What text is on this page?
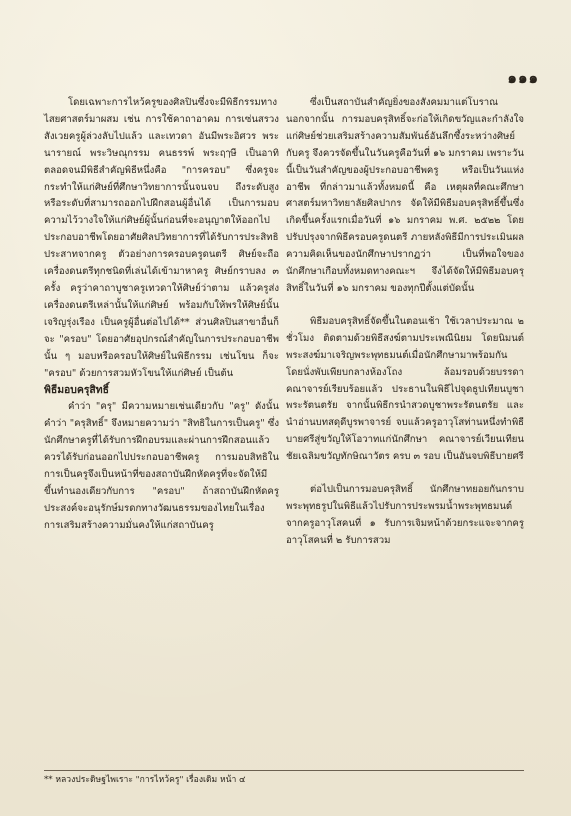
๑๑๑

โดยเฉพาะการไหว้ครูของศิลปินซึ่งจะมีพิธีกรรมทางไสยศาสตร์มาผสม เช่น การใช้คาถาอาคม การเซ่นสรวงสังเวยครูผู้ล่วงลับไปแล้ว และเทวดา อันมีพระอิศวร พระนารายณ์ พระวิษณุกรรม คนธรรพ์ พระฤๅษี เป็นอาทิ ตลอดจนมีพิธีสำคัญพิธีหนึ่งคือ "การครอบ" ซึ่งครูจะกระทำให้แก่ศิษย์ที่ศึกษาวิทยาการนั้นจนจบ ถึงระดับสูงหรือระดับที่สามารถออกไปฝึกสอนผู้อื่นได้ เป็นการมอบความไว้วางใจให้แก่ศิษย์ผู้นั้นก่อนที่จะอนุญาตให้ออกไปประกอบอาชีพโดยอาศัยศิลปวิทยาการที่ได้รับการประสิทธิประสาทจากครู ตัวอย่างการครอบครูดนตรี ศิษย์จะถือเครื่องดนตรีทุกชนิดที่เล่นได้เข้ามาหาครู ศิษย์กราบลง ๓ ครั้ง ครูว่าคาถาบูชาครูเทวดาให้ศิษย์ว่าตาม แล้วครูส่งเครื่องดนตรีเหล่านั้นให้แก่ศิษย์ พร้อมกับให้พรให้ศิษย์นั้นเจริญรุ่งเรือง เป็นครูผู้อื่นต่อไปได้** ส่วนศิลปินสาขาอื่นก็จะ "ครอบ" โดยอาศัยอุปกรณ์สำคัญในการประกอบอาชีพนั้น ๆ มอบหรือครอบให้ศิษย์ในพิธีกรรม เช่นโขน ก็จะ "ครอบ" ด้วยการสวมหัวโขนให้แก่ศิษย์ เป็นต้น

พิธีมอบครุสิทธิ์

คำว่า "ครุ" มีความหมายเช่นเดียวกับ "ครู" ดังนั้น คำว่า "ครุสิทธิ์" จึงหมายความว่า "สิทธิในการเป็นครู" ซึ่งนักศึกษาครูที่ได้รับการฝึกอบรมและผ่านการฝึกสอนแล้ว ควรได้รับก่อนออกไปประกอบอาชีพครู การมอบสิทธิในการเป็นครูจึงเป็นหน้าที่ของสถาบันฝึกหัดครูที่จะจัดให้มีขึ้นทำนองเดียวกับการ "ครอบ" ถ้าสถาบันฝึกหัดครูประสงค์จะอนุรักษ์มรดกทางวัฒนธรรมของไทยในเรื่องการเสริมสร้างความมั่นคงให้แก่สถาบันครู

ซึ่งเป็นสถาบันสำคัญยิ่งของสังคมมาแต่โบราณนอกจากนั้น การมอบครุสิทธิ์จะก่อให้เกิดขวัญและกำลังใจแก่ศิษย์ช่วยเสริมสร้างความสัมพันธ์อันลึกซึ้งระหว่างศิษย์กับครู จึงควรจัดขึ้นในวันครูคือวันที่ ๑๖ มกราคม เพราะวันนี้เป็นวันสำคัญของผู้ประกอบอาชีพครู หรือเป็นวันแห่งอาชีพ ที่กล่าวมาแล้วทั้งหมดนี้ คือ เหตุผลที่คณะศึกษาศาสตร์มหาวิทยาลัยศิลปากร จัดให้มีพิธีมอบครุสิทธิ์ขึ้นซึ่งเกิดขึ้นครั้งแรกเมื่อวันที่ ๑๖ มกราคม พ.ศ. ๒๕๒๒ โดยปรับปรุงจากพิธีครอบครูดนตรี ภายหลังพิธีมีการประเมินผลความคิดเห็นของนักศึกษาปรากฏว่า เป็นที่พอใจของนักศึกษาเกือบทั้งหมดทางคณะฯ จึงได้จัดให้มีพิธีมอบครุสิทธิ์ในวันที่ ๑๖ มกราคม ของทุกปีตั้งแต่บัดนั้น

พิธีมอบครุสิทธิ์จัดขึ้นในตอนเช้า ใช้เวลาประมาณ ๒ ชั่วโมง ติดตามด้วยพิธีสงฆ์ตามประเพณีนิยม โดยนิมนต์พระสงฆ์มาเจริญพระพุทธมนต์เมื่อนักศึกษามาพร้อมกันโดยนั่งพับเพียบกลางห้องโถง ล้อมรอบด้วยบรรดาคณาจารย์เรียบร้อยแล้ว ประธานในพิธีไปจุดธูปเทียนบูชาพระรัตนตรัย จากนั้นพิธีกรนำสวดบูชาพระรัตนตรัย และนำอ่านบทสดุดีบูรพาจารย์ จบแล้วครูอาวุโสท่านหนึ่งทำพิธีบายศรีสู่ขวัญให้โอวาทแก่นักศึกษา คณาจารย์เวียนเทียนชัยเฉลิมขวัญทักษิณาวัตร ครบ ๓ รอบ เป็นอันจบพิธีบายศรี

ต่อไปเป็นการมอบครุสิทธิ์ นักศึกษาทยอยกันกราบพระพุทธรูปในพิธีแล้วไปรับการประพรมน้ำพระพุทธมนต์ จากครูอาวุโสคนที่ ๑ รับการเจิมหน้าด้วยกระแจะจากครูอาวุโสคนที่ ๒ รับการสวม

** หลวงประดิษฐไพเราะ "การไหว้ครู" เรื่องเดิม หน้า ๔
